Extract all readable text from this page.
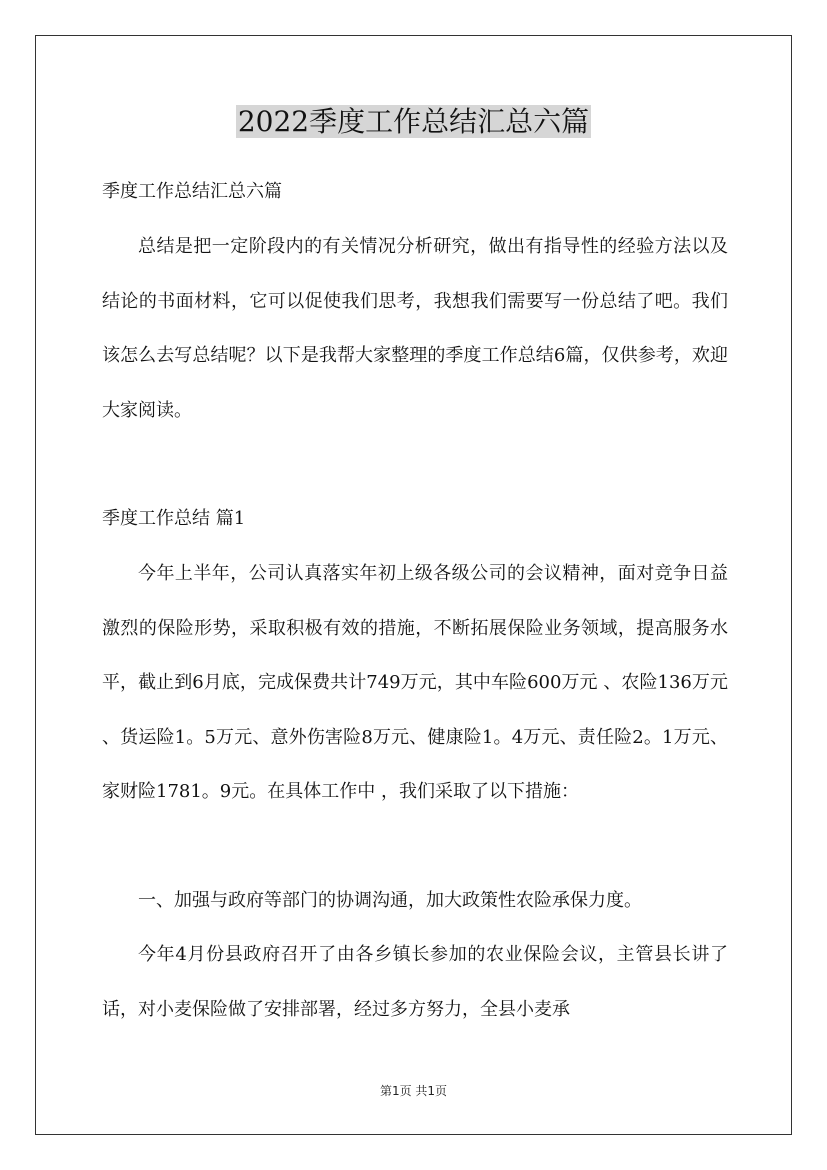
2022季度工作总结汇总六篇

季度工作总结汇总六篇

总结是把一定阶段内的有关情况分析研究，做出有指导性的经验方法以及结论的书面材料，它可以促使我们思考，我想我们需要写一份总结了吧。我们该怎么去写总结呢？以下是我帮大家整理的季度工作总结6篇，仅供参考，欢迎大家阅读。

季度工作总结 篇1

今年上半年，公司认真落实年初上级各级公司的会议精神，面对竞争日益激烈的保险形势，采取积极有效的措施，不断拓展保险业务领域，提高服务水平，截止到6月底，完成保费共计749万元，其中车险600万元 、农险136万元 、货运险1。5万元、意外伤害险8万元、健康险1。4万元、责任险2。1万元、家财险1781。9元。在具体工作中 ，我们采取了以下措施：

一、加强与政府等部门的协调沟通，加大政策性农险承保力度。

今年4月份县政府召开了由各乡镇长参加的农业保险会议，主管县长讲了话，对小麦保险做了安排部署，经过多方努力，全县小麦承

第1页 共1页
